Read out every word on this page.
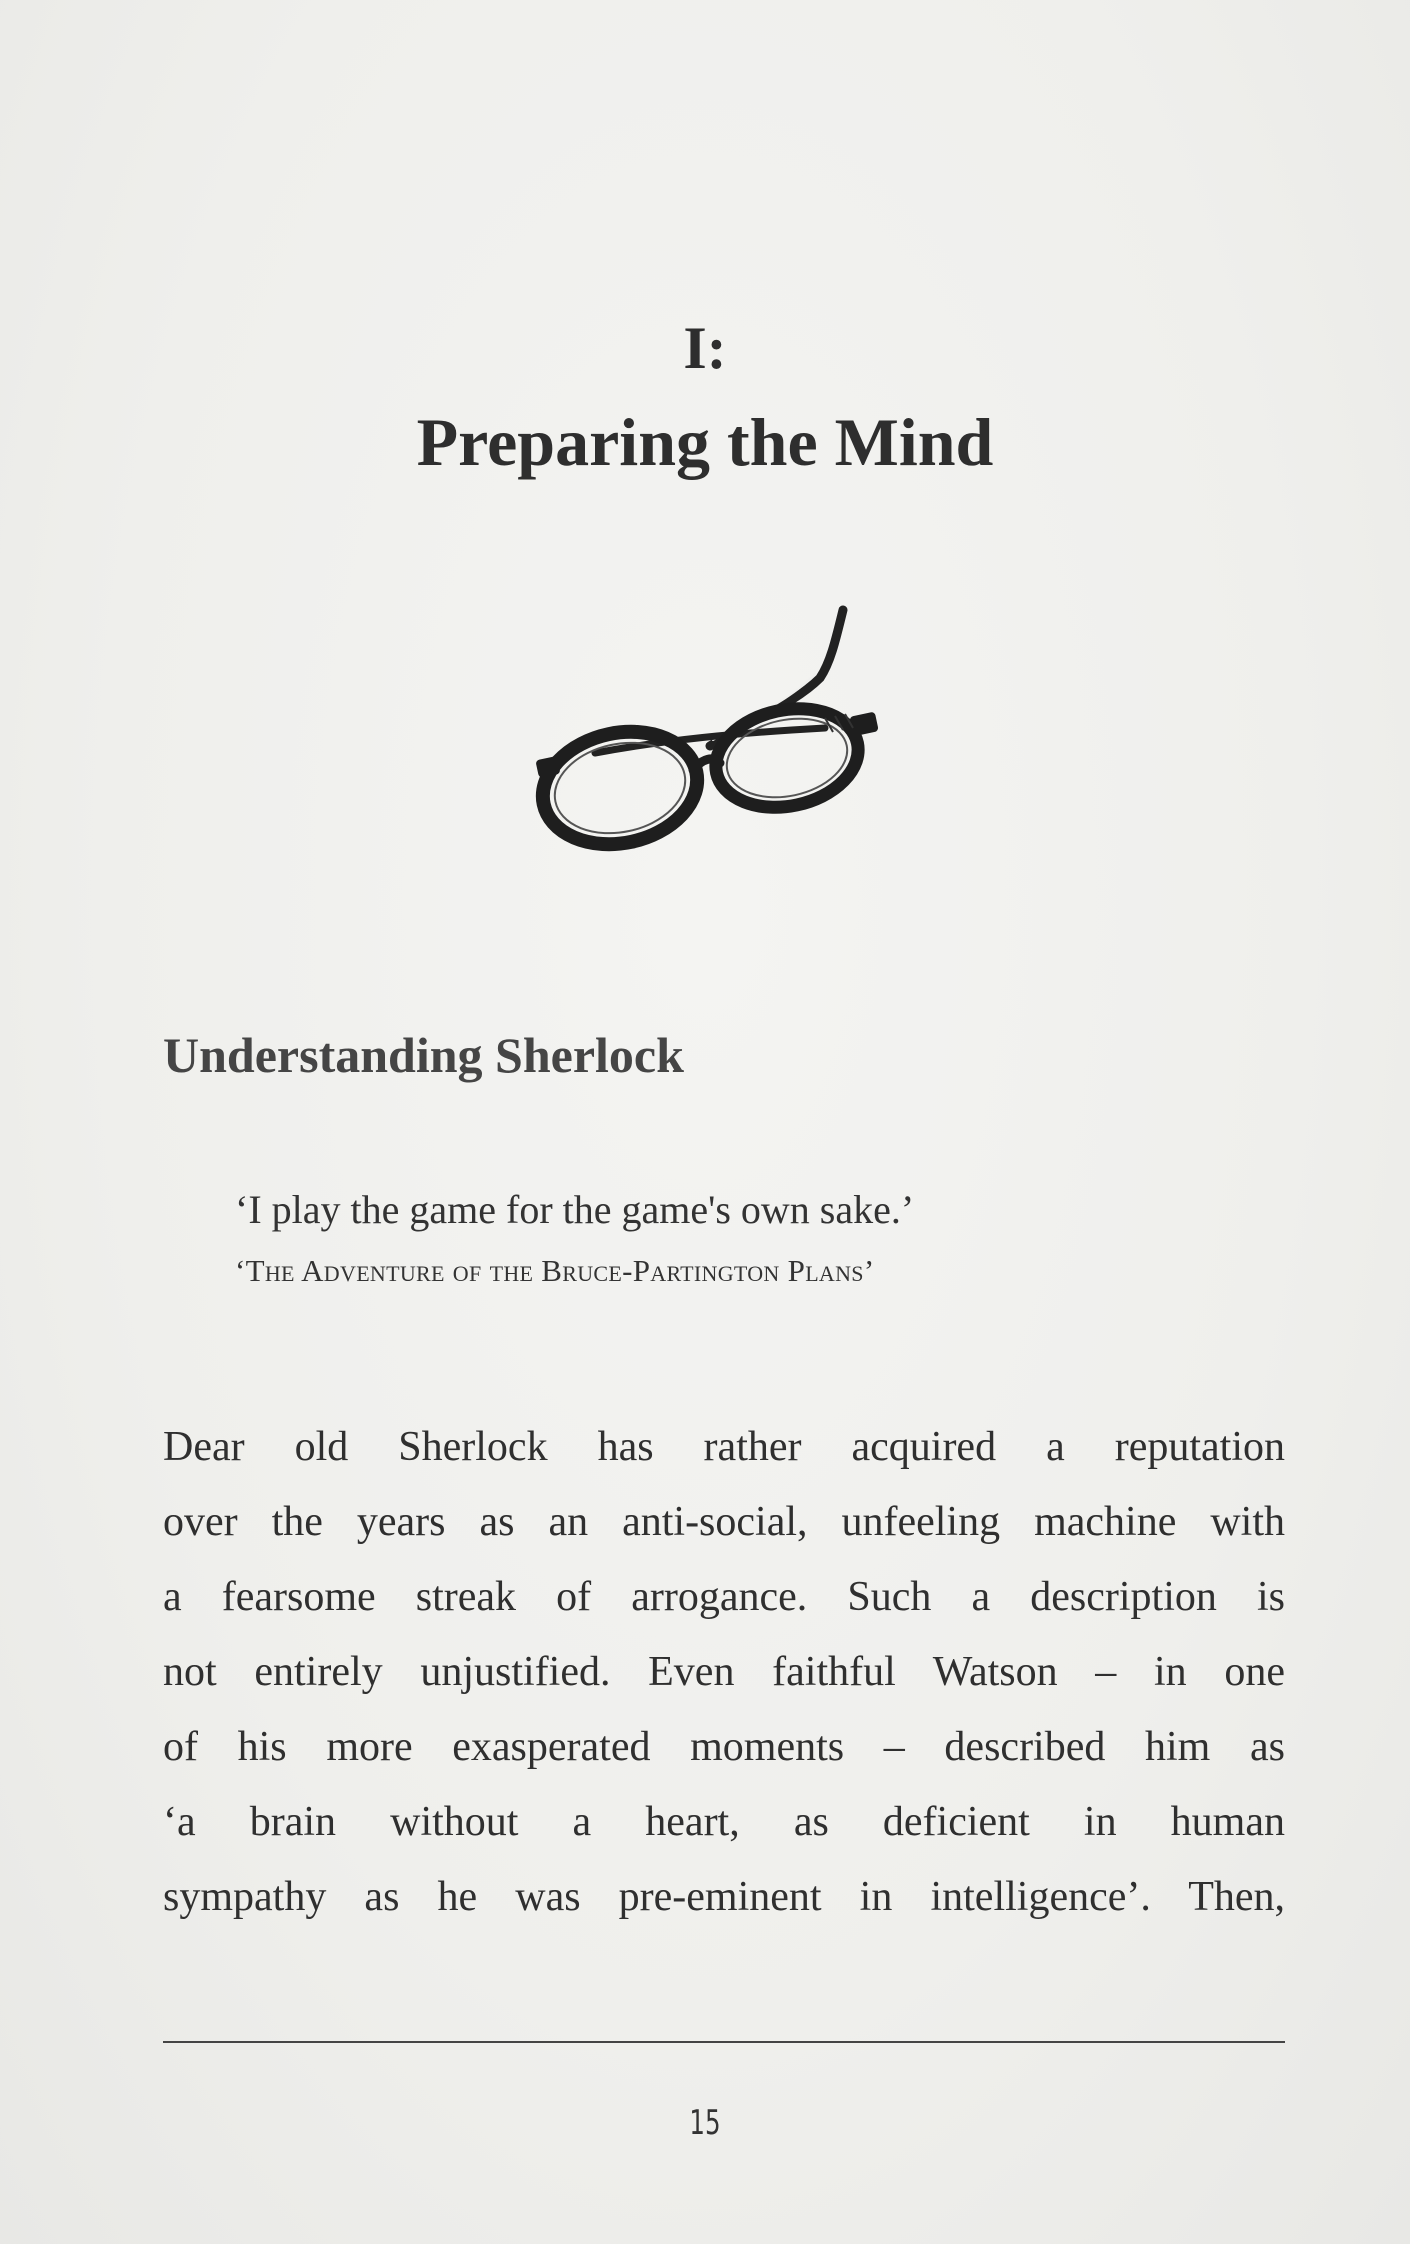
I:
Preparing the Mind
Understanding Sherlock
‘I play the game for the game's own sake.’
‘The Adventure of the Bruce-Partington Plans’
Dear old Sherlock has rather acquired a reputation
over the years as an anti-social, unfeeling machine with
a fearsome streak of arrogance. Such a description is
not entirely unjustified. Even faithful Watson – in one
of his more exasperated moments – described him as
‘a brain without a heart, as deficient in human
sympathy as he was pre-eminent in intelligence’. Then,
15
